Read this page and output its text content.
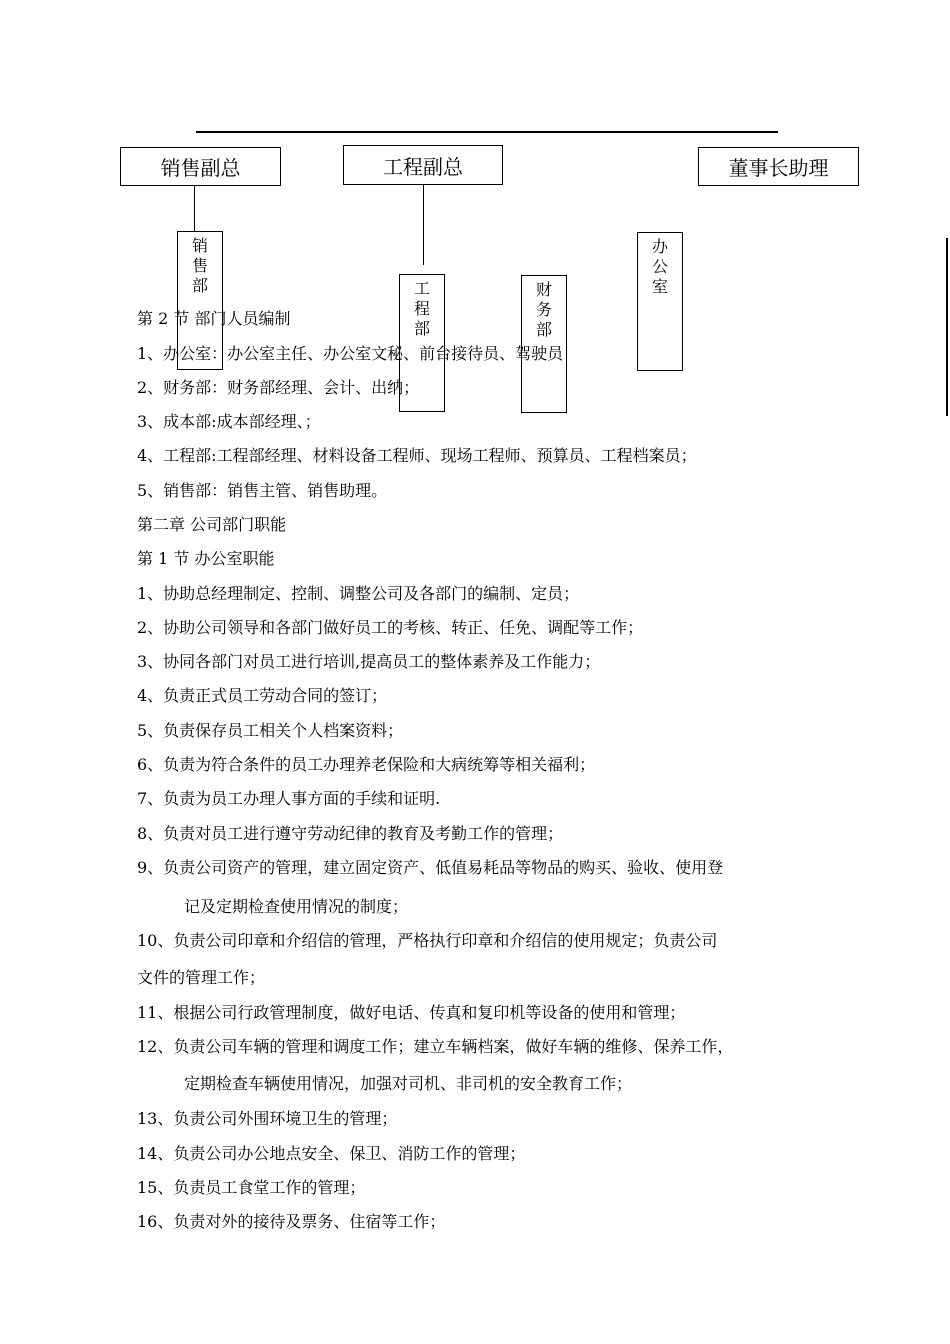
销售副总	工程副总	董事长助理
销
售
部	工
程
部
财
务
部
办
公
室
第 2 节 部门人员编制
1、办公室：办公室主任、办公室文秘、前台接待员、驾驶员
2、财务部：财务部经理、会计、出纳；
3、成本部:成本部经理、；
4、工程部:工程部经理、材料设备工程师、现场工程师、预算员、工程档案员；
5、销售部：销售主管、销售助理。
第二章 公司部门职能
第 1 节 办公室职能
1、协助总经理制定、控制、调整公司及各部门的编制、定员；
2、协助公司领导和各部门做好员工的考核、转正、任免、调配等工作；
3、协同各部门对员工进行培训,提高员工的整体素养及工作能力；
4、负责正式员工劳动合同的签订；
5、负责保存员工相关个人档案资料；
6、负责为符合条件的员工办理养老保险和大病统筹等相关福利；
7、负责为员工办理人事方面的手续和证明.
8、负责对员工进行遵守劳动纪律的教育及考勤工作的管理；
9、负责公司资产的管理，建立固定资产、低值易耗品等物品的购买、验收、使用登
记及定期检查使用情况的制度；
10、负责公司印章和介绍信的管理，严格执行印章和介绍信的使用规定；负责公司
文件的管理工作；
11、根据公司行政管理制度，做好电话、传真和复印机等设备的使用和管理；
12、负责公司车辆的管理和调度工作；建立车辆档案，做好车辆的维修、保养工作，
定期检查车辆使用情况，加强对司机、非司机的安全教育工作；
13、负责公司外围环境卫生的管理；
14、负责公司办公地点安全、保卫、消防工作的管理；
15、负责员工食堂工作的管理；
16、负责对外的接待及票务、住宿等工作；
